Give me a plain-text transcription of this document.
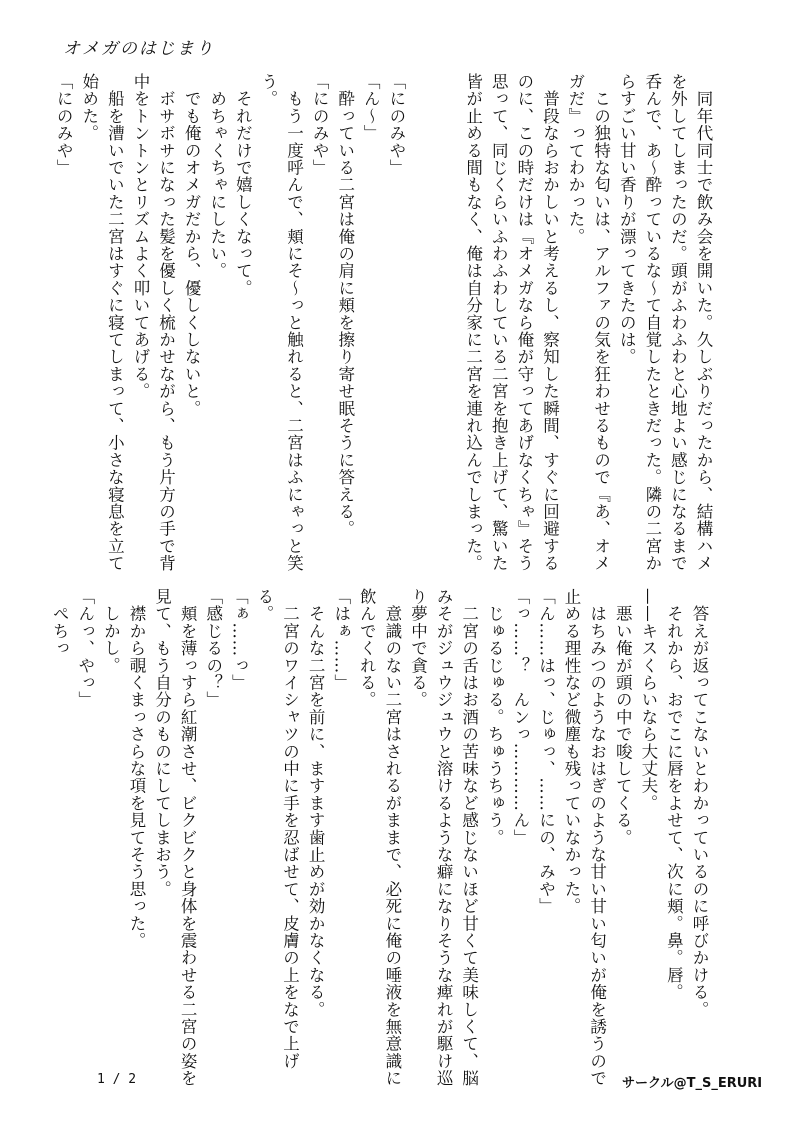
オメガのはじまり
　同年代同士で飲み会を開いた。久しぶりだったから、結構ハメ
を外してしまったのだ。頭がふわふわと心地よい感じになるまで
呑んで、あ〜酔っているな〜て自覚したときだった。隣の二宮か
らすごい甘い香りが漂ってきたのは。
　この独特な匂いは、アルファの気を狂わせるもので『あ、オメ
ガだ』ってわかった。
　普段ならおかしいと考えるし、察知した瞬間、すぐに回避する
のに、この時だけは『オメガなら俺が守ってあげなくちゃ』そう
思って、同じくらいふわふわしている二宮を抱き上げて、驚いた
皆が止める間もなく、俺は自分家に二宮を連れ込んでしまった。
「にのみや」
「ん〜」
　酔っている二宮は俺の肩に頬を擦り寄せ眠そうに答える。
「にのみや」
　もう一度呼んで、頬にそ〜っと触れると、二宮はふにゃっと笑
う。
　それだけで嬉しくなって。
　めちゃくちゃにしたい。
　でも俺のオメガだから、優しくしないと。
　ボサボサになった髪を優しく梳かせながら、もう片方の手で背
中をトントンとリズムよく叩いてあげる。
　船を漕いでいた二宮はすぐに寝てしまって、小さな寝息を立て
始めた。
「にのみや」
　答えが返ってこないとわかっているのに呼びかける。
　それから、おでこに唇をよせて、次に頬。鼻。唇。
——キスくらいなら大丈夫。
　悪い俺が頭の中で唆してくる。
　はちみつのようなおはぎのような甘い甘い匂いが俺を誘うので
止める理性など微塵も残っていなかった。
「ん……はっ、じゅっ、……にの、みや」
「っ……？　んンっ…………ん」
　じゅるじゅる。ちゅうちゅう。
　二宮の舌はお酒の苦味など感じないほど甘くて美味しくて、脳
みそがジュウジュウと溶けるような癖になりそうな痺れが駆け巡
り夢中で貪る。
　意識のない二宮はされるがままで、必死に俺の唾液を無意識に
飲んでくれる。
「はぁ……」
　そんな二宮を前に、ますます歯止めが効かなくなる。
　二宮のワイシャツの中に手を忍ばせて、皮膚の上をなで上げ
る。
「ぁ……っ」
「感じるの？」
　頬を薄っすら紅潮させ、ビクビクと身体を震わせる二宮の姿を
見て、もう自分のものにしてしまおう。
　襟から覗くまっさらな項を見てそう思った。
　しかし。
「んっ、やっ」
　ぺちっ
1 / 2	サークル@T_S_ERURI
